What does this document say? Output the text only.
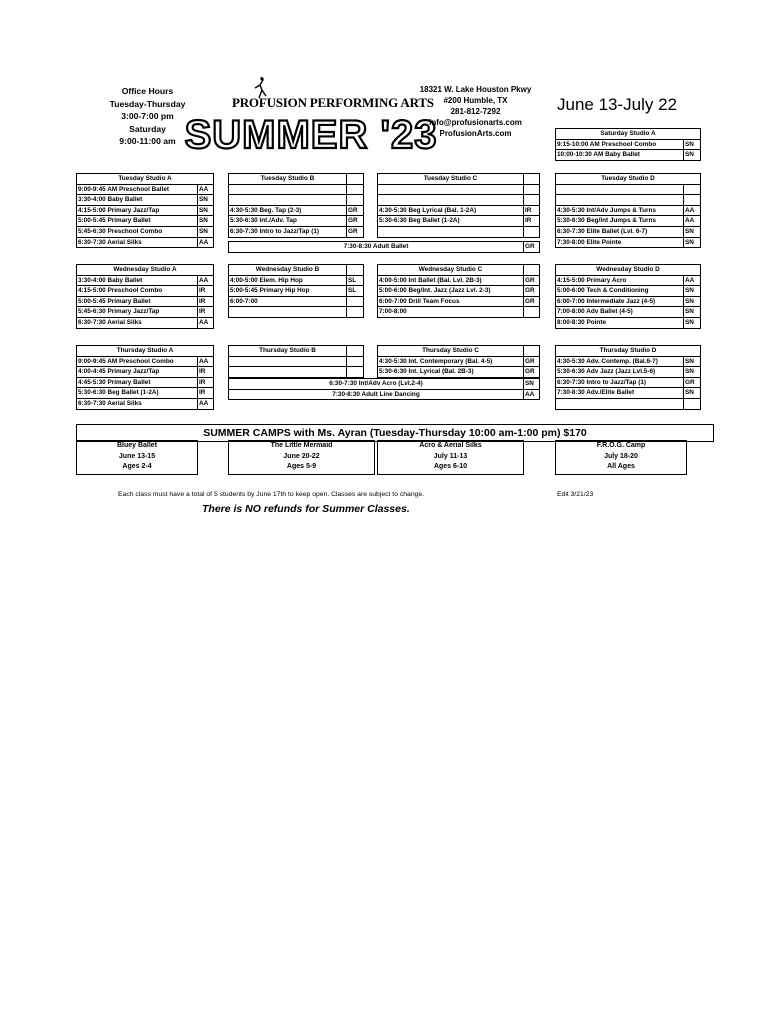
Office Hours
Tuesday-Thursday
3:00-7:00 pm
Saturday
9:00-11:00 am
PROFUSION PERFORMING ARTS
SUMMER '23
18321 W. Lake Houston Pkwy
#200 Humble, TX
281-812-7292
info@profusionarts.com
ProfusionArts.com
June 13-July 22
Saturday Studio A	
9:15-10:00 AM Preschool Combo	SN
10:00-10:30 AM Baby Ballet	SN
Tuesday Studio A	
9:00-9:45 AM Preschool Ballet	AA
3:30-4:00 Baby Ballet	SN
4:15-5:00 Primary Jazz/Tap	SN
5:00-5:45 Primary Ballet	SN
5:45-6:30 Preschool Combo	SN
6:30-7:30 Aerial Silks	AA
Tuesday Studio B	

4:30-5:30 Beg. Tap (2-3)	GR
5:30-6:30 Int./Adv. Tap	GR
6:30-7:30 Intro to Jazz/Tap (1)	GR
Tuesday Studio C	

4:30-5:30 Beg Lyrical (Bal. 1-2A)	IR
5:30-6:30 Beg Ballet (1-2A)	IR

7:30-8:30 Adult Ballet	GR
Tuesday Studio D	

4:30-5:30 Int/Adv Jumps & Turns	AA
5:30-6:30 Beg/Int Jumps & Turns	AA
6:30-7:30 Elite Ballet (Lvl. 6-7)	SN
7:30-8:00 Elite Pointe	SN
Wednesday Studio A	
3:30-4:00 Baby Ballet	AA
4:15-5:00 Preschool Combo	IR
5:00-5:45 Primary Ballet	IR
5:45-6:30 Primary Jazz/Tap	IR
6:30-7:30 Aerial Silks	AA
Wednesday Studio B	
4:00-5:00 Elem. Hip Hop	SL
5:00-5:45 Primary Hip Hop	SL
6:00-7:00	

Wednesday Studio C	
4:00-5:00 Int Ballet (Bal. Lvl. 2B-3)	GR
5:00-6:00 Beg/Int. Jazz (Jazz Lvl. 2-3)	GR
6:00-7:00 Drill Team Focus	GR
7:00-8:00	
Wednesday Studio D	
4:15-5:00 Primary Acro	AA
5:00-6:00 Tech & Conditioning	SN
6:00-7:00 Intermediate Jazz (4-5)	SN
7:00-8:00 Adv Ballet (4-5)	SN
8:00-8:30 Pointe	SN
Thursday Studio A	
9:00-9:45 AM Preschool Combo	AA
4:00-4:45 Primary Jazz/Tap	IR
4:45-5:30 Primary Ballet	IR
5:30-6:30 Beg Ballet (1-2A)	IR
6:30-7:30 Aerial Silks	AA
Thursday Studio B	

		Thursday Studio C	
4:30-5:30 Int. Contemporary (Bal. 4-5)	GR
5:30-6:30 Int. Lyrical (Bal. 2B-3)	GR
6:30-7:30 Int/Adv Acro (Lvl.2-4)	SN
7:30-8:30 Adult Line Dancing	AA
Thursday Studio D	
4:30-5:30 Adv. Contemp. (Bal.6-7)	SN
5:30-6:30 Adv Jazz (Jazz Lvl.5-6)	SN
6:30-7:30 Intro to Jazz/Tap (1)	GR
7:30-8:30 Adv./Elite Ballet	SN

SUMMER CAMPS with Ms. Ayran (Tuesday-Thursday 10:00 am-1:00 pm) $170
Bluey Ballet
June 13-15
Ages 2-4
The Little Mermaid
June 20-22
Ages 5-9
Acro & Aerial Silks
July 11-13
Ages 6-10
F.R.O.G. Camp
July 18-20
All Ages
Each class must have a total of 5 students by June 17th to keep open. Classes are subject to change.	Edit 3/21/23
There is NO refunds for Summer Classes.
